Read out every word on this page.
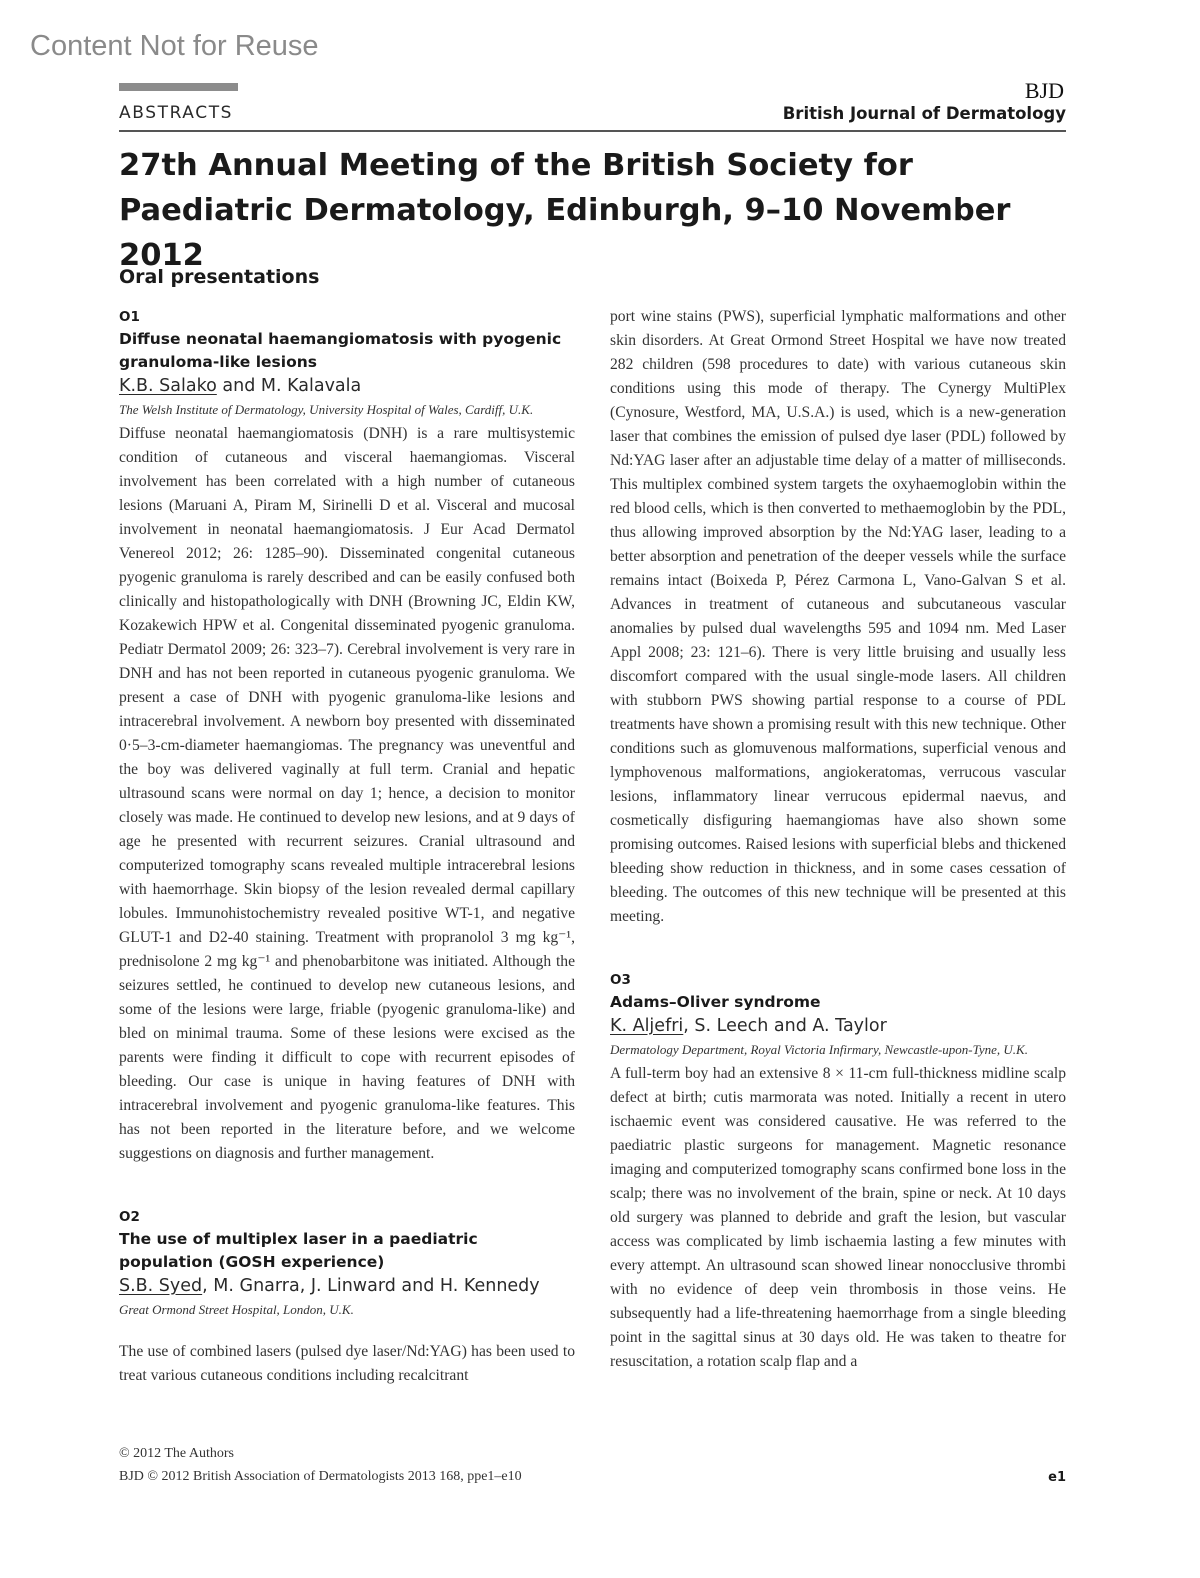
Content Not for Reuse
ABSTRACTS
BJD
British Journal of Dermatology
27th Annual Meeting of the British Society for Paediatric Dermatology, Edinburgh, 9–10 November 2012
Oral presentations
O1
Diffuse neonatal haemangiomatosis with pyogenic granuloma-like lesions
K.B. Salako and M. Kalavala
The Welsh Institute of Dermatology, University Hospital of Wales, Cardiff, U.K.

Diffuse neonatal haemangiomatosis (DNH) is a rare multisystemic condition of cutaneous and visceral haemangiomas. Visceral involvement has been correlated with a high number of cutaneous lesions (Maruani A, Piram M, Sirinelli D et al. Visceral and mucosal involvement in neonatal haemangiomatosis. J Eur Acad Dermatol Venereol 2012; 26: 1285–90). Disseminated congenital cutaneous pyogenic granuloma is rarely described and can be easily confused both clinically and histopathologically with DNH (Browning JC, Eldin KW, Kozakewich HPW et al. Congenital disseminated pyogenic granuloma. Pediatr Dermatol 2009; 26: 323–7). Cerebral involvement is very rare in DNH and has not been reported in cutaneous pyogenic granuloma. We present a case of DNH with pyogenic granuloma-like lesions and intracerebral involvement. A newborn boy presented with disseminated 0·5–3-cm-diameter haemangiomas. The pregnancy was uneventful and the boy was delivered vaginally at full term. Cranial and hepatic ultrasound scans were normal on day 1; hence, a decision to monitor closely was made. He continued to develop new lesions, and at 9 days of age he presented with recurrent seizures. Cranial ultrasound and computerized tomography scans revealed multiple intracerebral lesions with haemorrhage. Skin biopsy of the lesion revealed dermal capillary lobules. Immunohistochemistry revealed positive WT-1, and negative GLUT-1 and D2-40 staining. Treatment with propranolol 3 mg kg⁻¹, prednisolone 2 mg kg⁻¹ and phenobarbitone was initiated. Although the seizures settled, he continued to develop new cutaneous lesions, and some of the lesions were large, friable (pyogenic granuloma-like) and bled on minimal trauma. Some of these lesions were excised as the parents were finding it difficult to cope with recurrent episodes of bleeding. Our case is unique in having features of DNH with intracerebral involvement and pyogenic granuloma-like features. This has not been reported in the literature before, and we welcome suggestions on diagnosis and further management.

O2
The use of multiplex laser in a paediatric population (GOSH experience)
S.B. Syed, M. Gnarra, J. Linward and H. Kennedy
Great Ormond Street Hospital, London, U.K.

The use of combined lasers (pulsed dye laser/Nd:YAG) has been used to treat various cutaneous conditions including recalcitrant

port wine stains (PWS), superficial lymphatic malformations and other skin disorders. At Great Ormond Street Hospital we have now treated 282 children (598 procedures to date) with various cutaneous skin conditions using this mode of therapy. The Cynergy MultiPlex (Cynosure, Westford, MA, U.S.A.) is used, which is a new-generation laser that combines the emission of pulsed dye laser (PDL) followed by Nd:YAG laser after an adjustable time delay of a matter of milliseconds. This multiplex combined system targets the oxyhaemoglobin within the red blood cells, which is then converted to methaemoglobin by the PDL, thus allowing improved absorption by the Nd:YAG laser, leading to a better absorption and penetration of the deeper vessels while the surface remains intact (Boixeda P, Pérez Carmona L, Vano-Galvan S et al. Advances in treatment of cutaneous and subcutaneous vascular anomalies by pulsed dual wavelengths 595 and 1094 nm. Med Laser Appl 2008; 23: 121–6). There is very little bruising and usually less discomfort compared with the usual single-mode lasers. All children with stubborn PWS showing partial response to a course of PDL treatments have shown a promising result with this new technique. Other conditions such as glomuvenous malformations, superficial venous and lymphovenous malformations, angiokeratomas, verrucous vascular lesions, inflammatory linear verrucous epidermal naevus, and cosmetically disfiguring haemangiomas have also shown some promising outcomes. Raised lesions with superficial blebs and thickened bleeding show reduction in thickness, and in some cases cessation of bleeding. The outcomes of this new technique will be presented at this meeting.

O3
Adams–Oliver syndrome
K. Aljefri, S. Leech and A. Taylor
Dermatology Department, Royal Victoria Infirmary, Newcastle-upon-Tyne, U.K.

A full-term boy had an extensive 8 × 11-cm full-thickness midline scalp defect at birth; cutis marmorata was noted. Initially a recent in utero ischaemic event was considered causative. He was referred to the paediatric plastic surgeons for management. Magnetic resonance imaging and computerized tomography scans confirmed bone loss in the scalp; there was no involvement of the brain, spine or neck. At 10 days old surgery was planned to debride and graft the lesion, but vascular access was complicated by limb ischaemia lasting a few minutes with every attempt. An ultrasound scan showed linear nonocclusive thrombi with no evidence of deep vein thrombosis in those veins. He subsequently had a life-threatening haemorrhage from a single bleeding point in the sagittal sinus at 30 days old. He was taken to theatre for resuscitation, a rotation scalp flap and a

© 2012 The Authors
BJD © 2012 British Association of Dermatologists 2013 168, ppe1–e10	e1
